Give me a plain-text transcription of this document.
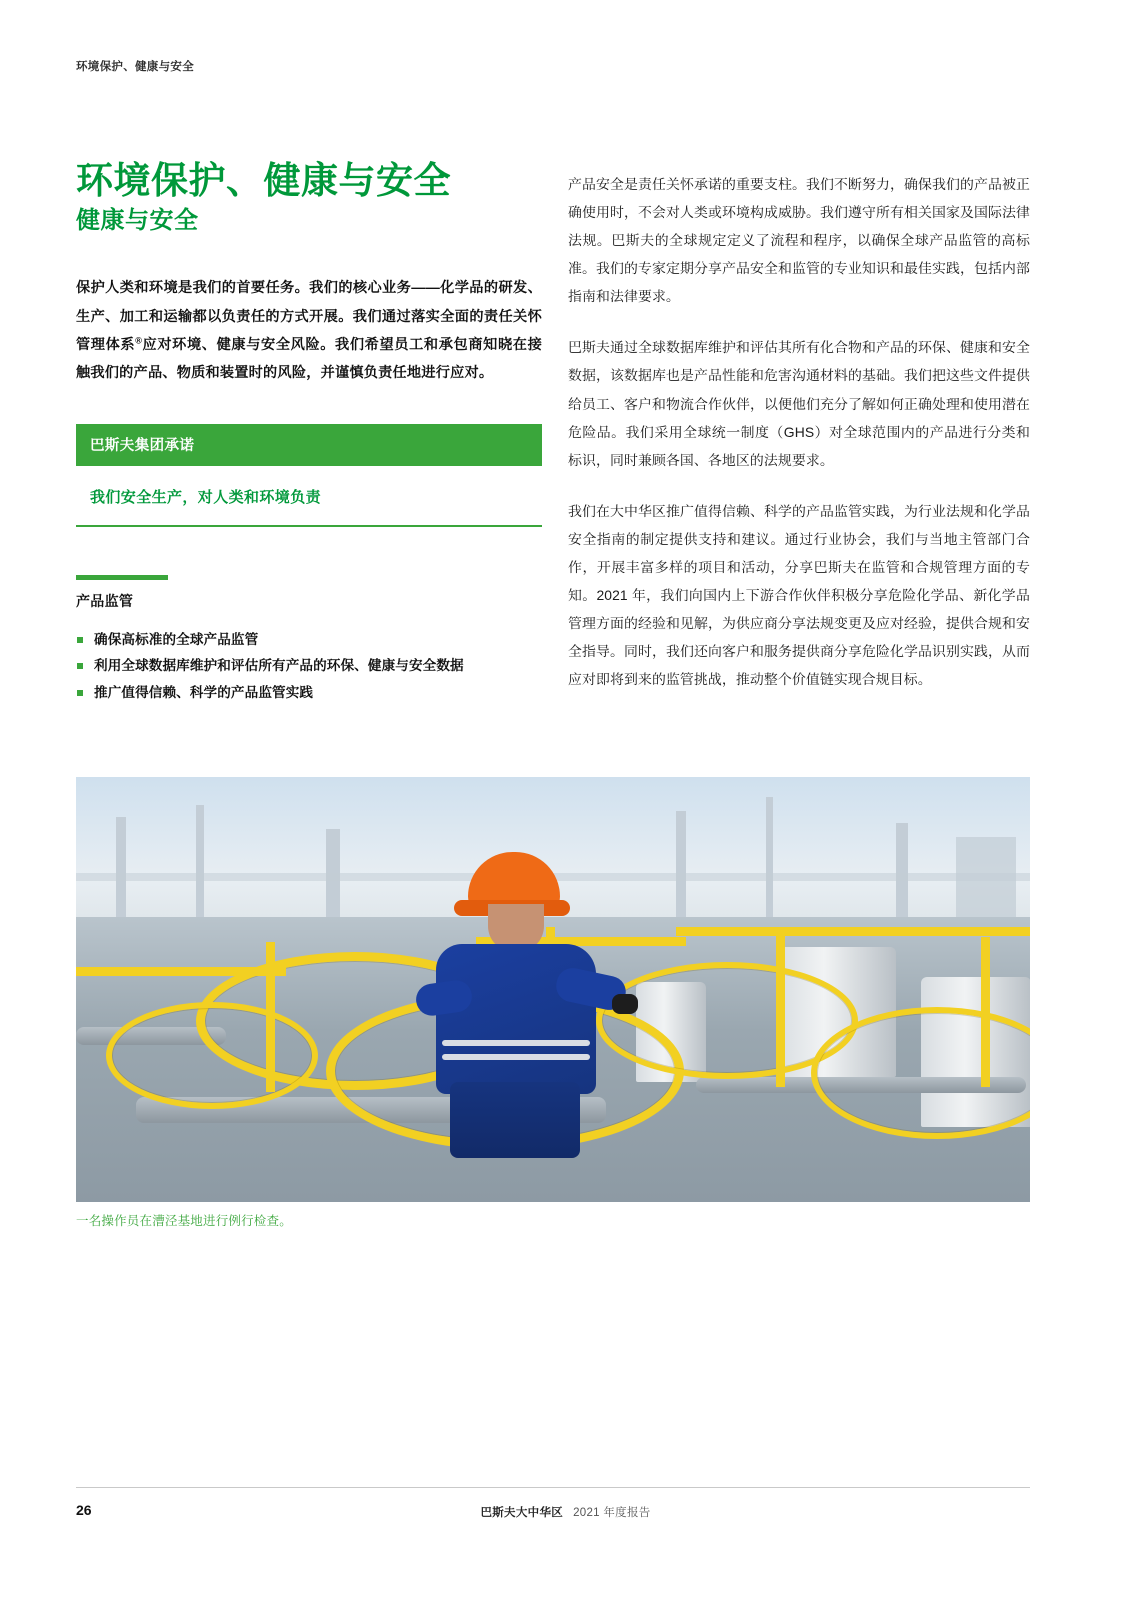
环境保护、健康与安全
环境保护、健康与安全
健康与安全

保护人类和环境是我们的首要任务。我们的核心业务——化学品的研发、生产、加工和运输都以负责任的方式开展。我们通过落实全面的责任关怀管理体系®应对环境、健康与安全风险。我们希望员工和承包商知晓在接触我们的产品、物质和装置时的风险，并谨慎负责任地进行应对。

巴斯夫集团承诺
我们安全生产，对人类和环境负责
产品监管
确保高标准的全球产品监管
利用全球数据库维护和评估所有产品的环保、健康与安全数据
推广值得信赖、科学的产品监管实践

产品安全是责任关怀承诺的重要支柱。我们不断努力，确保我们的产品被正确使用时，不会对人类或环境构成威胁。我们遵守所有相关国家及国际法律法规。巴斯夫的全球规定定义了流程和程序，以确保全球产品监管的高标准。我们的专家定期分享产品安全和监管的专业知识和最佳实践，包括内部指南和法律要求。

巴斯夫通过全球数据库维护和评估其所有化合物和产品的环保、健康和安全数据，该数据库也是产品性能和危害沟通材料的基础。我们把这些文件提供给员工、客户和物流合作伙伴，以便他们充分了解如何正确处理和使用潜在危险品。我们采用全球统一制度（GHS）对全球范围内的产品进行分类和标识，同时兼顾各国、各地区的法规要求。

我们在大中华区推广值得信赖、科学的产品监管实践，为行业法规和化学品安全指南的制定提供支持和建议。通过行业协会，我们与当地主管部门合作，开展丰富多样的项目和活动，分享巴斯夫在监管和合规管理方面的专知。2021 年，我们向国内上下游合作伙伴积极分享危险化学品、新化学品管理方面的经验和见解，为供应商分享法规变更及应对经验，提供合规和安全指导。同时，我们还向客户和服务提供商分享危险化学品识别实践，从而应对即将到来的监管挑战，推动整个价值链实现合规目标。

一名操作员在漕泾基地进行例行检查。
26	巴斯夫大中华区 2021 年度报告
